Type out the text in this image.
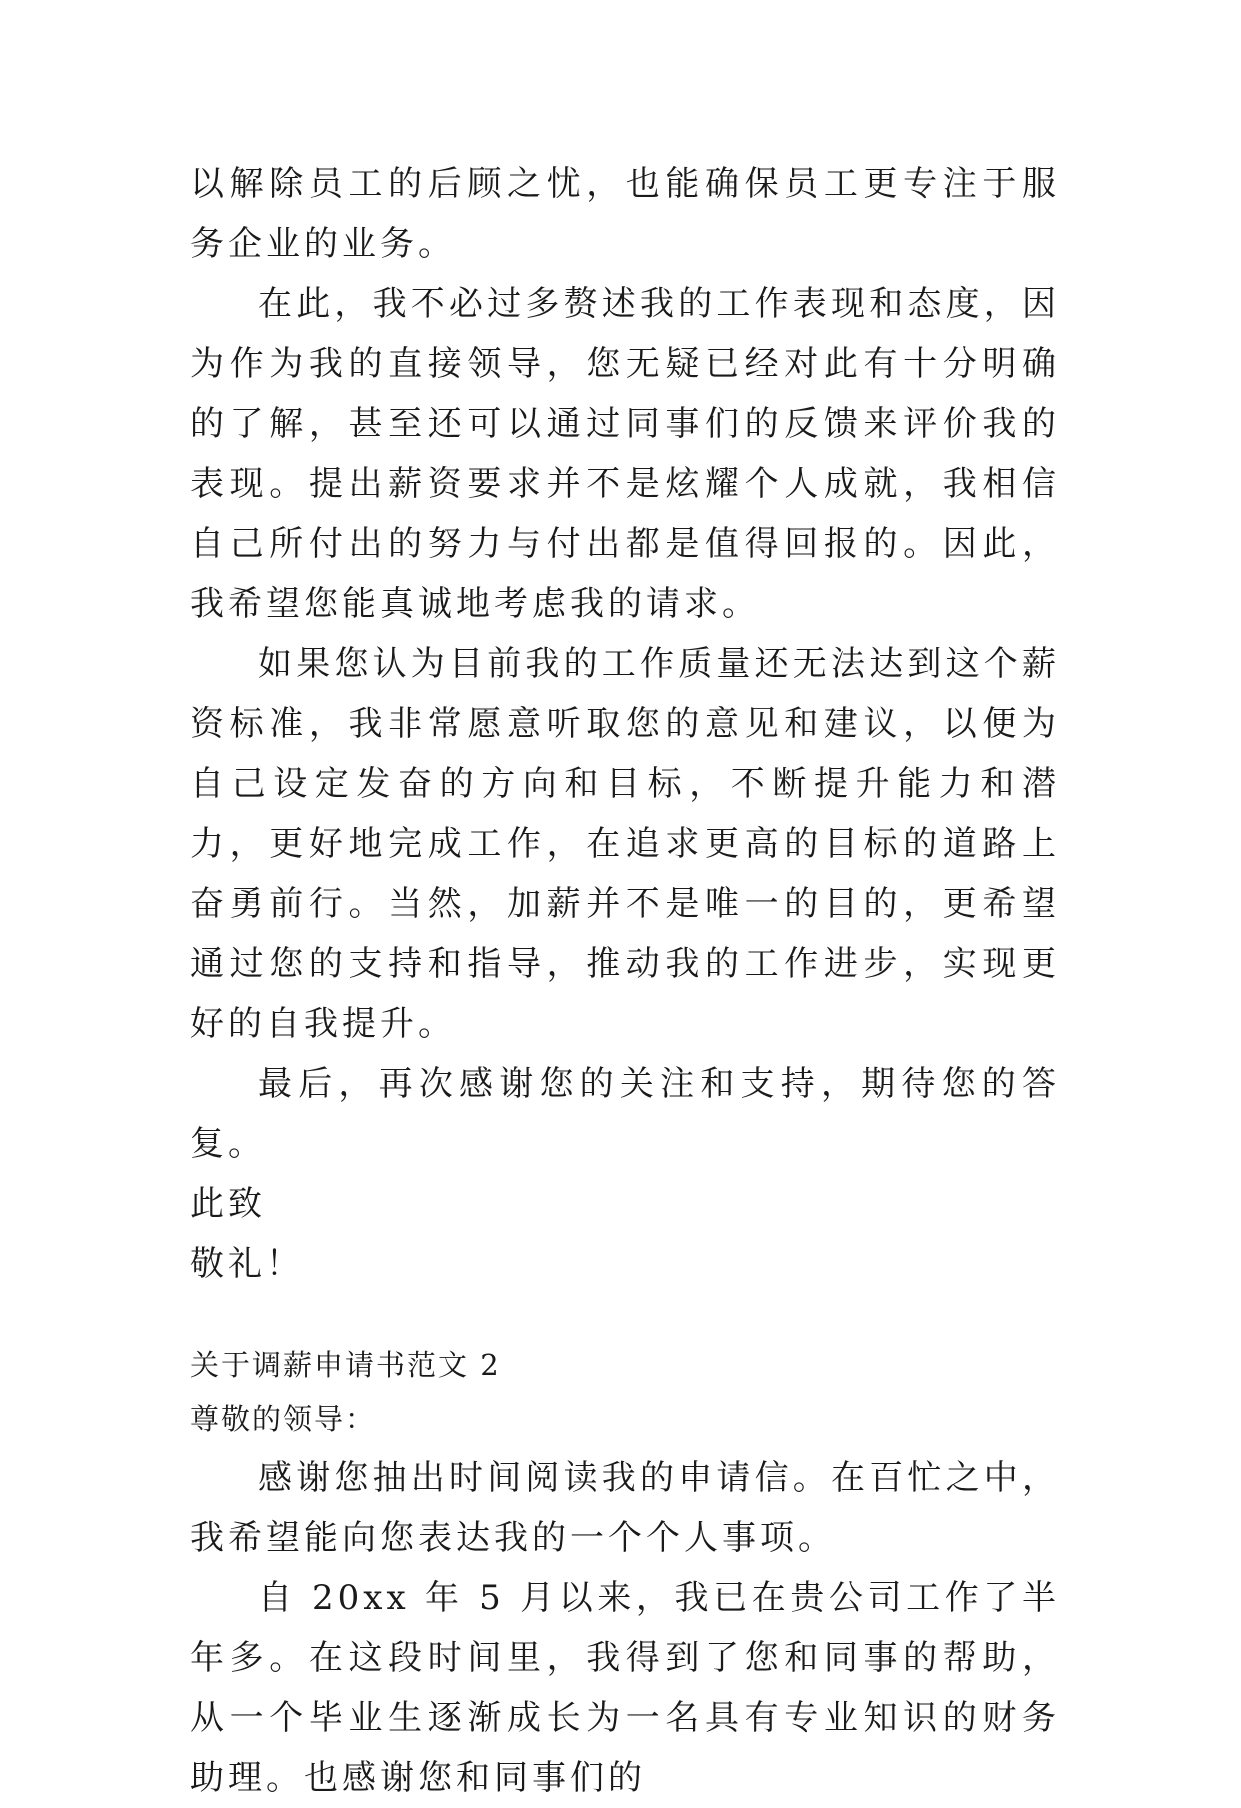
以解除员工的后顾之忧，也能确保员工更专注于服务企业的业务。

在此，我不必过多赘述我的工作表现和态度，因为作为我的直接领导，您无疑已经对此有十分明确的了解，甚至还可以通过同事们的反馈来评价我的表现。提出薪资要求并不是炫耀个人成就，我相信自己所付出的努力与付出都是值得回报的。因此，我希望您能真诚地考虑我的请求。

如果您认为目前我的工作质量还无法达到这个薪资标准，我非常愿意听取您的意见和建议，以便为自己设定发奋的方向和目标，不断提升能力和潜力，更好地完成工作，在追求更高的目标的道路上奋勇前行。当然，加薪并不是唯一的目的，更希望通过您的支持和指导，推动我的工作进步，实现更好的自我提升。

最后，再次感谢您的关注和支持，期待您的答复。

此致

敬礼！

关于调薪申请书范文 2

尊敬的领导：

感谢您抽出时间阅读我的申请信。在百忙之中，我希望能向您表达我的一个个人事项。

自 20xx 年 5 月以来，我已在贵公司工作了半年多。在这段时间里，我得到了您和同事的帮助，从一个毕业生逐渐成长为一名具有专业知识的财务助理。也感谢您和同事们的
